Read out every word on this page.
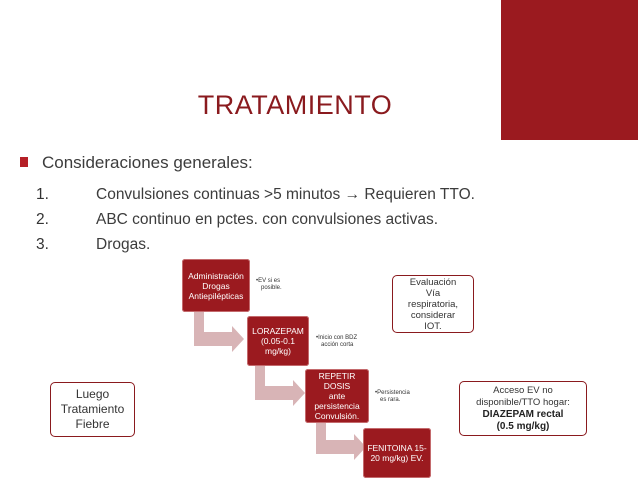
TRATAMIENTO
Consideraciones generales:
1.	Convulsiones continuas >5 minutos → Requieren TTO.
2.	ABC continuo en pctes. con convulsiones activas.
3.	Drogas.
Administración
Drogas
Antiepilépticas
•EV si es
posible.
LORAZEPAM
(0.05-0.1
mg/kg)
•Inicio con BDZ
acción corta
REPETIR DOSIS
ante
persistencia
Convulsión.
•Persistencia
es rara.
FENITOINA 15-
20 mg/kg) EV.
Evaluación
Vía
respiratoria,
considerar
IOT.
Luego
Tratamiento
Fiebre
Acceso EV no
disponible/TTO hogar:
DIAZEPAM rectal
(0.5 mg/kg)
